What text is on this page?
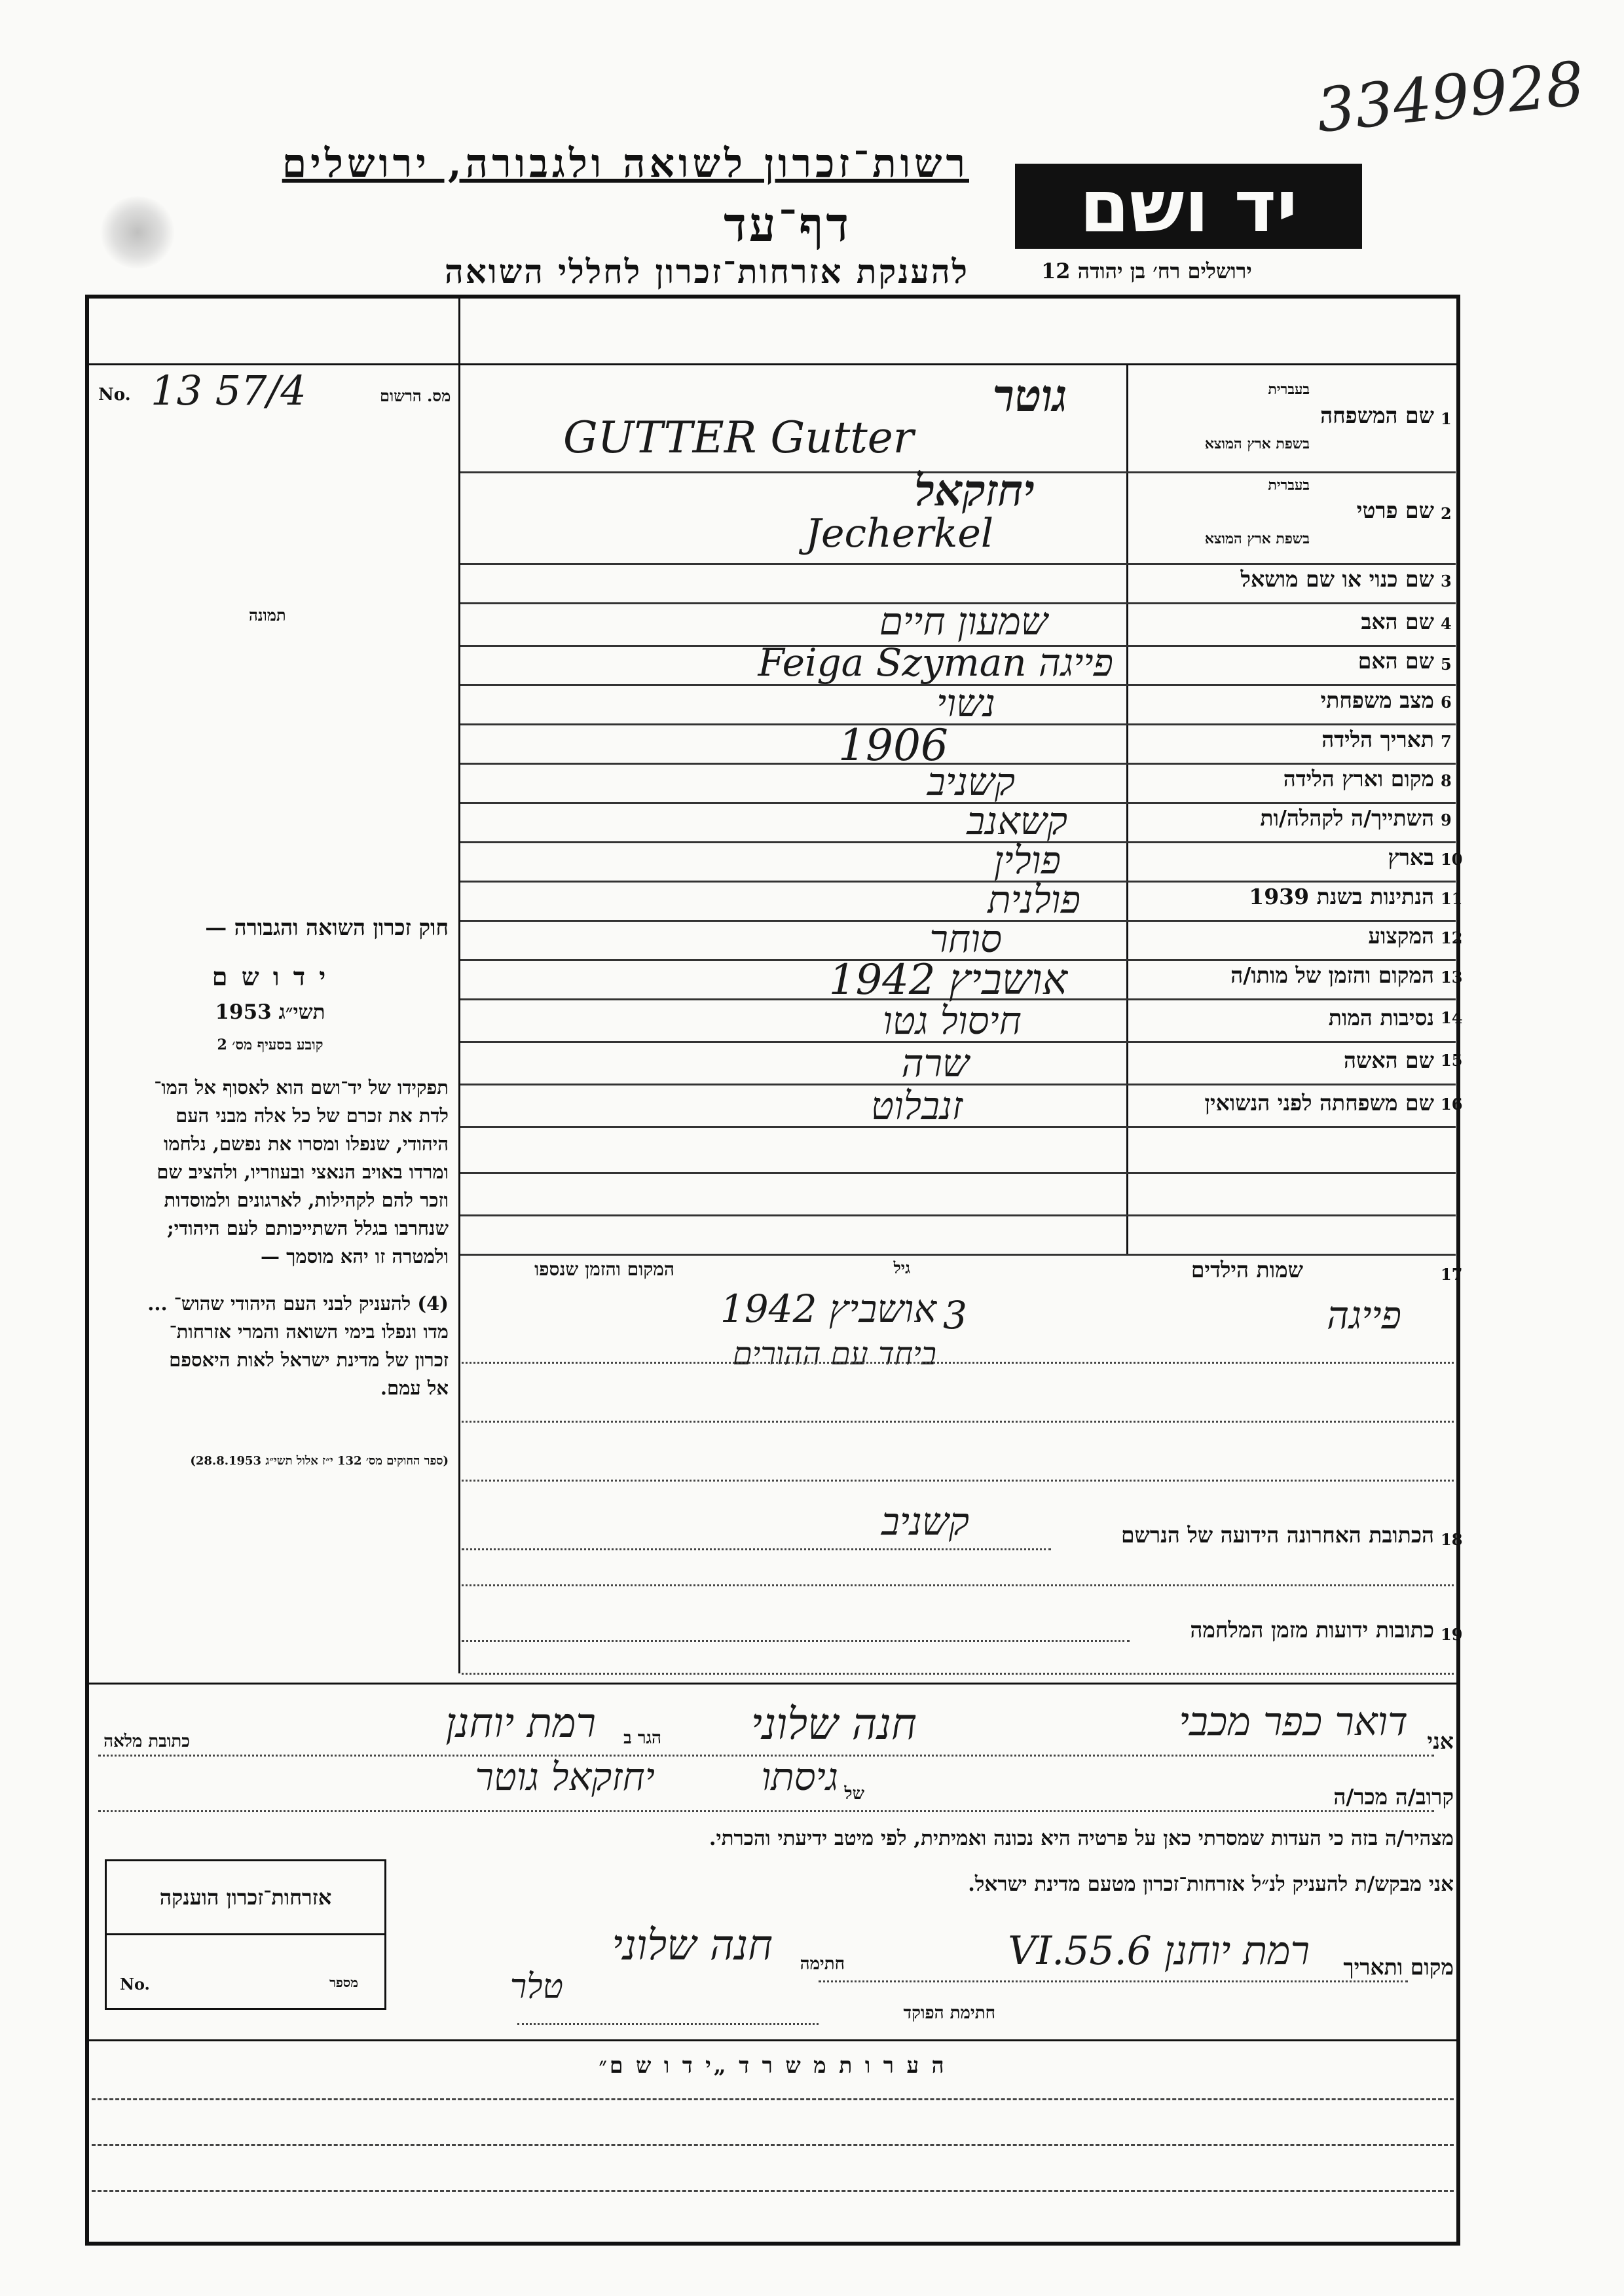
3349928
רשות־זכרון לשואה ולגבורה, ירושלים
דף־עד
להענקת אזרחות־זכרון לחללי השואה
יד ושם
ירושלים רח׳ בן יהודה 12
מס. הרשום
No. 13 57/4
תמונה
חוק זכרון השואה והגבורה —
י ד ו ש ם
תשי״ג 1953
קובע בסעיף מס׳ 2
תפקידו של יד־ושם הוא לאסוף אל המו־
לדת את זכרם של כל אלה מבני העם
היהודי, שנפלו ומסרו את נפשם, נלחמו
ומרדו באויב הנאצי ובעוזריו, ולהציב שם
וזכר להם לקהילות, לארגונים ולמוסדות
שנחרבו בגלל השתייכותם לעם היהודי;
ולמטרה זו יהא מוסמך —
(4) להעניק לבני העם היהודי שהוש־ ...
מדו ונפלו בימי השואה והמרי אזרחות־
זכרון של מדינת ישראל לאות היאספם
אל עמם.
(ספר החוקים מס׳ 132 י״ז אלול תשי״ג 28.8.1953)
1
שם המשפחה
בעברית
בשפת ארץ המוצא
גוטר
GUTTER Gutter
2
שם פרטי
בעברית
בשפת ארץ המוצא
יחזקאל
Jecherkel
3
שם כנוי או שם מושאל
4
שם האב
שמעון חיים
5
שם האם
פייגה Feiga Szyman
6
מצב משפחתי
נשוי
7
תאריך הלידה
1906
8
מקום וארץ הלידה
קשניב
9
השתייך/ה לקהלה/ות
קשאנב
10
בארץ
פולין
11
הנתינות בשנת 1939
פולנית
12
המקצוע
סוחר
13
המקום והזמן של מותו/ה
אושביץ 1942
14
נסיבות המות
חיסול גטו
15
שם האשה
שרה
16
שם משפחתה לפני הנשואין
זנבלוט
17
שמות הילדים
גיל
המקום והזמן שנספו
פייגה
3
אושביץ 1942
ביחד עם ההורים
18
הכתובת האחרונה הידועה של הנרשם
קשניב
19
כתובות ידועות מזמן המלחמה
אני
חנה שלוני
הגר ב
רמת יוחנן
כתובת מלאה	דואר כפר מכבי
קרוב/ה מכר/ה
גיסתו של
יחזקאל גוטר
מצהיר/ה בזה כי העדות שמסרתי כאן על פרטיה היא נכונה ואמיתית, לפי מיטב ידיעתי והכרתי.
אני מבקש/ת להעניק לנ״ל אזרחות־זכרון מטעם מדינת ישראל.
מקום ותאריך
רמת יוחנן 6.VI.55
חתימה
חנה שלוני
חתימת הפוקד
טלר
אזרחות־זכרון הוענקה
No.	מספר
ה ע ר ו ת מ ש ר ד „י ד ו ש ם״
